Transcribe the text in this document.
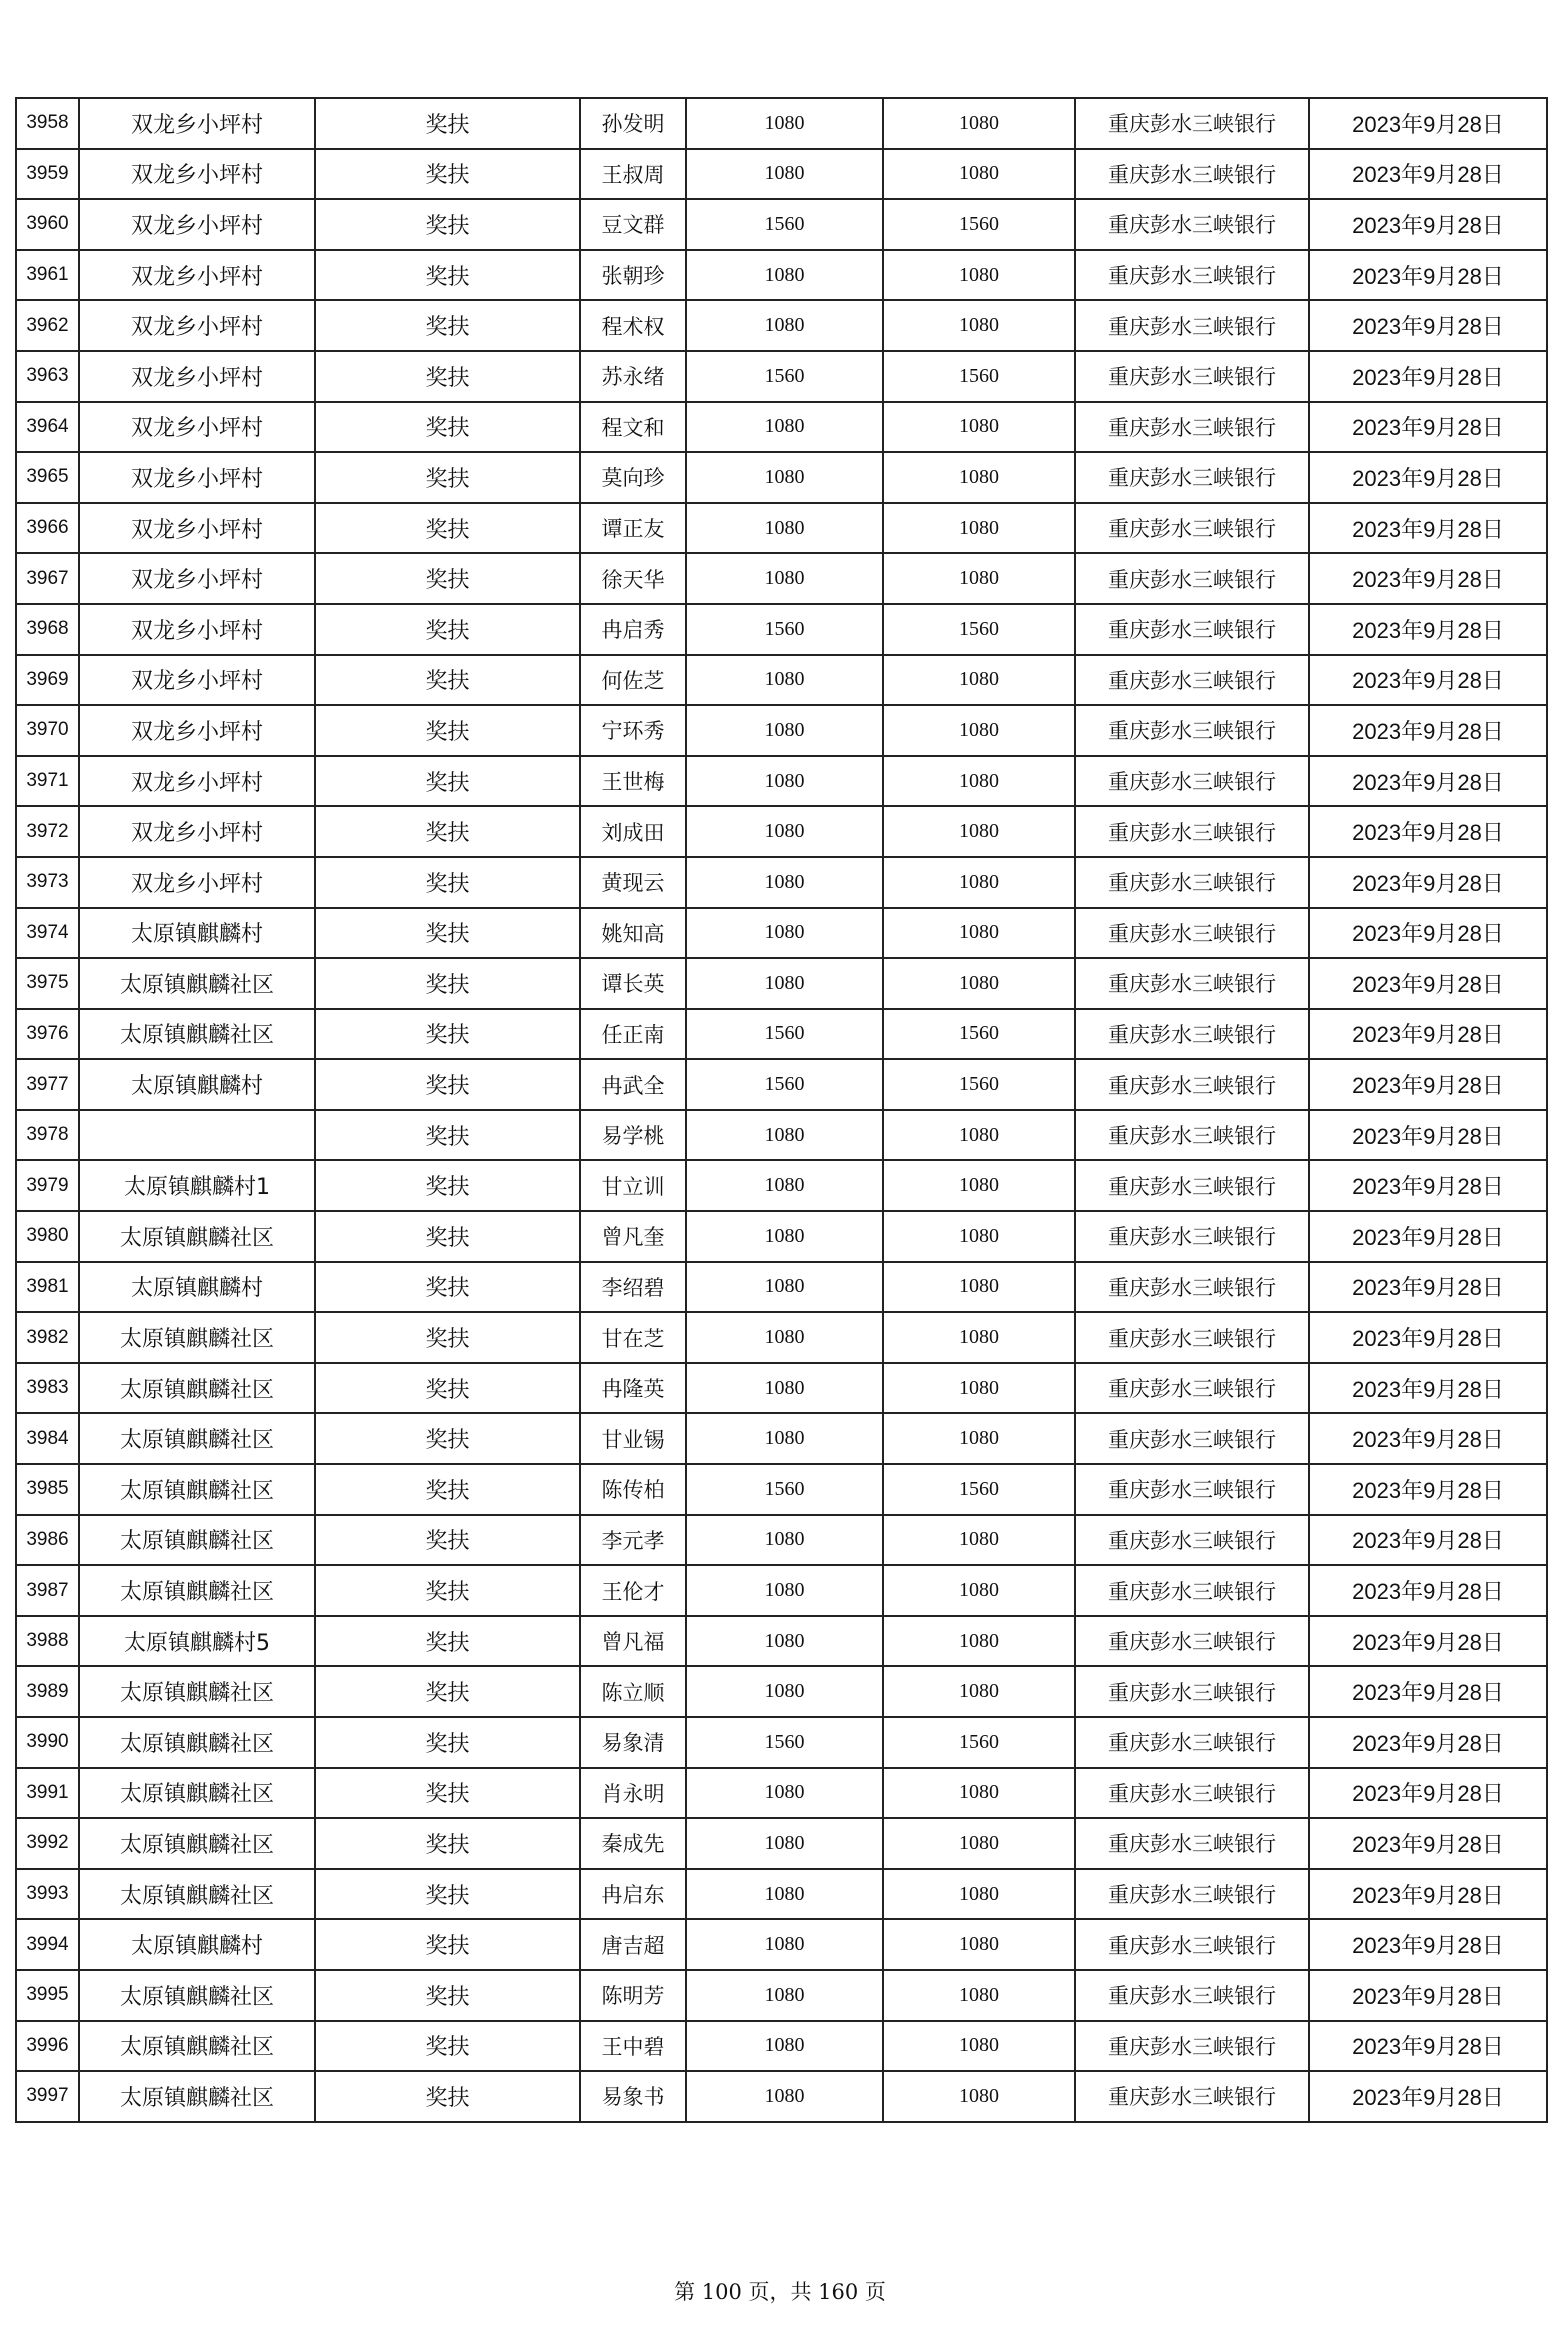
3958	双龙乡小坪村	奖扶	孙发明	1080	1080	重庆彭水三峡银行	2023年9月28日
3959	双龙乡小坪村	奖扶	王叔周	1080	1080	重庆彭水三峡银行	2023年9月28日
3960	双龙乡小坪村	奖扶	豆文群	1560	1560	重庆彭水三峡银行	2023年9月28日
3961	双龙乡小坪村	奖扶	张朝珍	1080	1080	重庆彭水三峡银行	2023年9月28日
3962	双龙乡小坪村	奖扶	程术权	1080	1080	重庆彭水三峡银行	2023年9月28日
3963	双龙乡小坪村	奖扶	苏永绪	1560	1560	重庆彭水三峡银行	2023年9月28日
3964	双龙乡小坪村	奖扶	程文和	1080	1080	重庆彭水三峡银行	2023年9月28日
3965	双龙乡小坪村	奖扶	莫向珍	1080	1080	重庆彭水三峡银行	2023年9月28日
3966	双龙乡小坪村	奖扶	谭正友	1080	1080	重庆彭水三峡银行	2023年9月28日
3967	双龙乡小坪村	奖扶	徐天华	1080	1080	重庆彭水三峡银行	2023年9月28日
3968	双龙乡小坪村	奖扶	冉启秀	1560	1560	重庆彭水三峡银行	2023年9月28日
3969	双龙乡小坪村	奖扶	何佐芝	1080	1080	重庆彭水三峡银行	2023年9月28日
3970	双龙乡小坪村	奖扶	宁环秀	1080	1080	重庆彭水三峡银行	2023年9月28日
3971	双龙乡小坪村	奖扶	王世梅	1080	1080	重庆彭水三峡银行	2023年9月28日
3972	双龙乡小坪村	奖扶	刘成田	1080	1080	重庆彭水三峡银行	2023年9月28日
3973	双龙乡小坪村	奖扶	黄现云	1080	1080	重庆彭水三峡银行	2023年9月28日
3974	太原镇麒麟村	奖扶	姚知高	1080	1080	重庆彭水三峡银行	2023年9月28日
3975	太原镇麒麟社区	奖扶	谭长英	1080	1080	重庆彭水三峡银行	2023年9月28日
3976	太原镇麒麟社区	奖扶	任正南	1560	1560	重庆彭水三峡银行	2023年9月28日
3977	太原镇麒麟村	奖扶	冉武全	1560	1560	重庆彭水三峡银行	2023年9月28日
3978		奖扶	易学桃	1080	1080	重庆彭水三峡银行	2023年9月28日
3979	太原镇麒麟村1	奖扶	甘立训	1080	1080	重庆彭水三峡银行	2023年9月28日
3980	太原镇麒麟社区	奖扶	曾凡奎	1080	1080	重庆彭水三峡银行	2023年9月28日
3981	太原镇麒麟村	奖扶	李绍碧	1080	1080	重庆彭水三峡银行	2023年9月28日
3982	太原镇麒麟社区	奖扶	甘在芝	1080	1080	重庆彭水三峡银行	2023年9月28日
3983	太原镇麒麟社区	奖扶	冉隆英	1080	1080	重庆彭水三峡银行	2023年9月28日
3984	太原镇麒麟社区	奖扶	甘业锡	1080	1080	重庆彭水三峡银行	2023年9月28日
3985	太原镇麒麟社区	奖扶	陈传柏	1560	1560	重庆彭水三峡银行	2023年9月28日
3986	太原镇麒麟社区	奖扶	李元孝	1080	1080	重庆彭水三峡银行	2023年9月28日
3987	太原镇麒麟社区	奖扶	王伦才	1080	1080	重庆彭水三峡银行	2023年9月28日
3988	太原镇麒麟村5	奖扶	曾凡福	1080	1080	重庆彭水三峡银行	2023年9月28日
3989	太原镇麒麟社区	奖扶	陈立顺	1080	1080	重庆彭水三峡银行	2023年9月28日
3990	太原镇麒麟社区	奖扶	易象清	1560	1560	重庆彭水三峡银行	2023年9月28日
3991	太原镇麒麟社区	奖扶	肖永明	1080	1080	重庆彭水三峡银行	2023年9月28日
3992	太原镇麒麟社区	奖扶	秦成先	1080	1080	重庆彭水三峡银行	2023年9月28日
3993	太原镇麒麟社区	奖扶	冉启东	1080	1080	重庆彭水三峡银行	2023年9月28日
3994	太原镇麒麟村	奖扶	唐吉超	1080	1080	重庆彭水三峡银行	2023年9月28日
3995	太原镇麒麟社区	奖扶	陈明芳	1080	1080	重庆彭水三峡银行	2023年9月28日
3996	太原镇麒麟社区	奖扶	王中碧	1080	1080	重庆彭水三峡银行	2023年9月28日
3997	太原镇麒麟社区	奖扶	易象书	1080	1080	重庆彭水三峡银行	2023年9月28日
第 100 页，共 160 页
